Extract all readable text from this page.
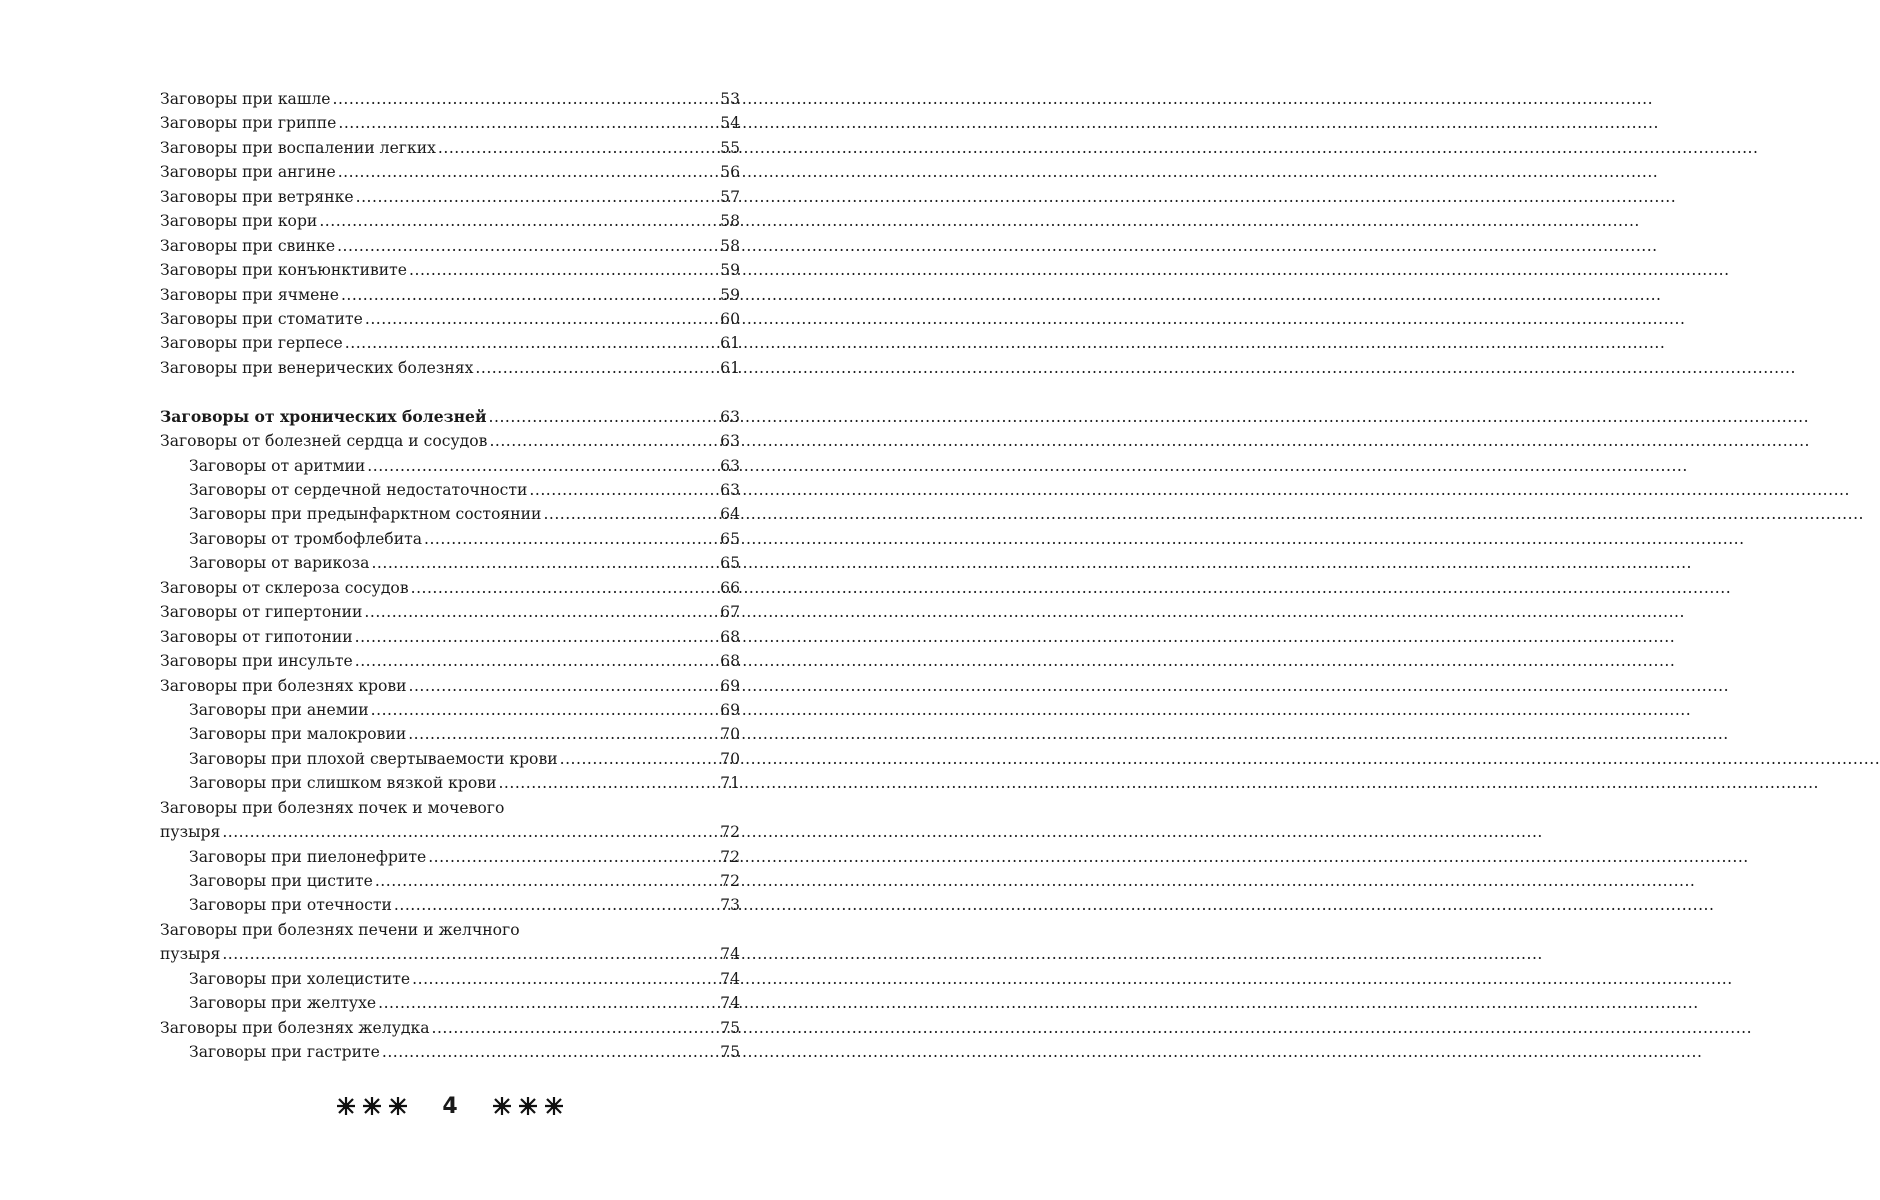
Заговоры при кашле .....	53
Заговоры при гриппе .....	54
Заговоры при воспалении легких .....	55
Заговоры при ангине .....	56
Заговоры при ветрянке .....	57
Заговоры при кори .....	58
Заговоры при свинке .....	58
Заговоры при конъюнктивите .....	59
Заговоры при ячмене .....	59
Заговоры при стоматите .....	60
Заговоры при герпесе .....	61
Заговоры при венерических болезнях .....	61
Заговоры от хронических болезней .....	63
Заговоры от болезней сердца и сосудов .....	63
Заговоры от аритмии .....	63
Заговоры от сердечной недостаточности .....	63
Заговоры при предынфарктном состоянии .....	64
Заговоры от тромбофлебита .....	65
Заговоры от варикоза .....	65
Заговоры от склероза сосудов .....	66
Заговоры от гипертонии .....	67
Заговоры от гипотонии .....	68
Заговоры при инсульте .....	68
Заговоры при болезнях крови .....	69
Заговоры при анемии .....	69
Заговоры при малокровии .....	70
Заговоры при плохой свертываемости крови .....	70
Заговоры при слишком вязкой крови .....	71
Заговоры при болезнях почек и мочевого
пузыря .....	72
Заговоры при пиелонефрите .....	72
Заговоры при цистите .....	72
Заговоры при отечности .....	73
Заговоры при болезнях печени и желчного
пузыря .....	74
Заговоры при холецистите .....	74
Заговоры при желтухе .....	74
Заговоры при болезнях желудка .....	75
Заговоры при гастрите .....	75
4
